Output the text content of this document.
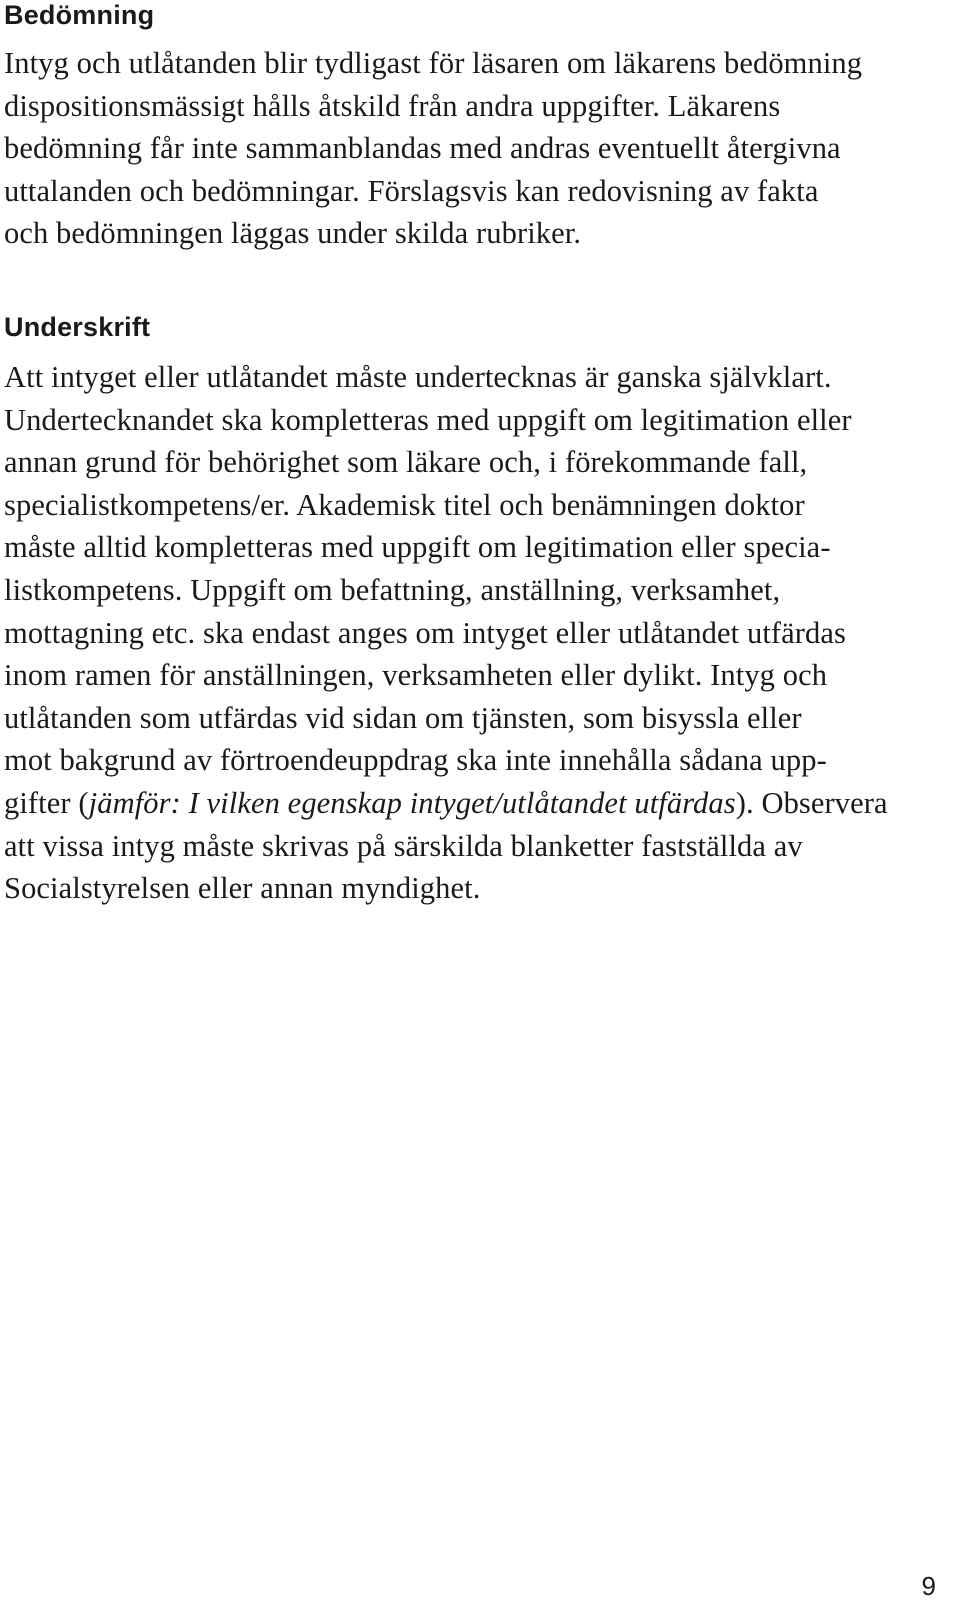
Bedömning

Intyg och utlåtanden blir tydligast för läsaren om läkarens bedömning
dispositionsmässigt hålls åtskild från andra uppgifter. Läkarens
bedömning får inte sammanblandas med andras eventuellt återgivna
uttalanden och bedömningar. Förslagsvis kan redovisning av fakta
och bedömningen läggas under skilda rubriker.

Underskrift

Att intyget eller utlåtandet måste undertecknas är ganska självklart.
Undertecknandet ska kompletteras med uppgift om legitimation eller
annan grund för behörighet som läkare och, i förekommande fall,
specialistkompetens/er. Akademisk titel och benämningen doktor
måste alltid kompletteras med uppgift om legitimation eller specia-
listkompetens. Uppgift om befattning, anställning, verksamhet,
mottagning etc. ska endast anges om intyget eller utlåtandet utfärdas
inom ramen för anställningen, verksamheten eller dylikt. Intyg och
utlåtanden som utfärdas vid sidan om tjänsten, som bisyssla eller
mot bakgrund av förtroendeuppdrag ska inte innehålla sådana upp-
gifter (jämför: I vilken egenskap intyget/utlåtandet utfärdas). Observera
att vissa intyg måste skrivas på särskilda blanketter fastställda av
Socialstyrelsen eller annan myndighet.

9
